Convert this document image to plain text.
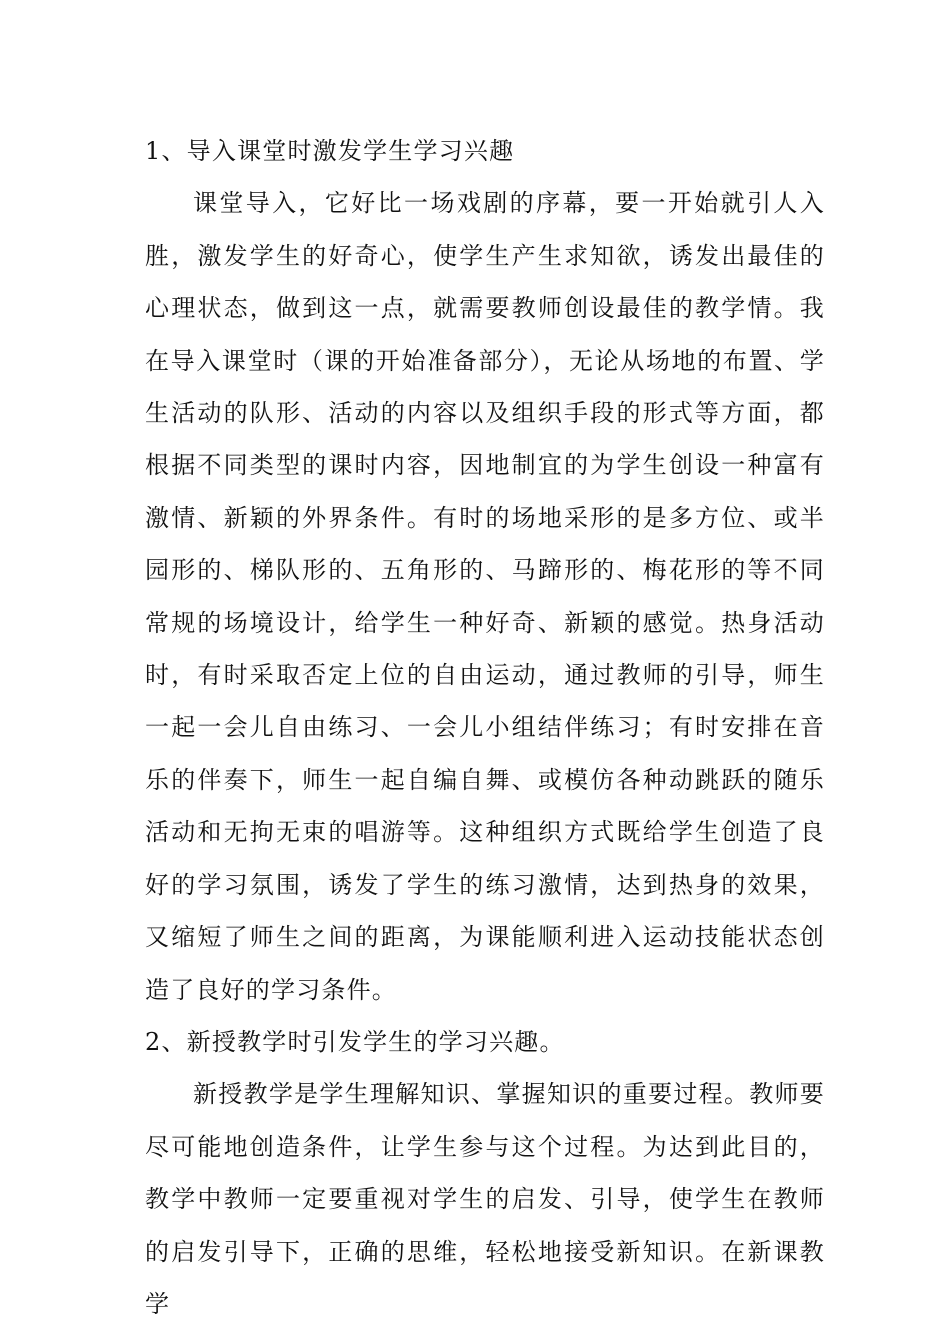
1、导入课堂时激发学生学习兴趣

课堂导入，它好比一场戏剧的序幕，要一开始就引人入胜，激发学生的好奇心，使学生产生求知欲，诱发出最佳的心理状态，做到这一点，就需要教师创设最佳的教学情。我在导入课堂时（课的开始准备部分），无论从场地的布置、学生活动的队形、活动的内容以及组织手段的形式等方面，都根据不同类型的课时内容，因地制宜的为学生创设一种富有激情、新颖的外界条件。有时的场地采形的是多方位、或半园形的、梯队形的、五角形的、马蹄形的、梅花形的等不同常规的场境设计，给学生一种好奇、新颖的感觉。热身活动时，有时采取否定上位的自由运动，通过教师的引导，师生一起一会儿自由练习、一会儿小组结伴练习；有时安排在音乐的伴奏下，师生一起自编自舞、或模仿各种动跳跃的随乐活动和无拘无束的唱游等。这种组织方式既给学生创造了良好的学习氛围，诱发了学生的练习激情，达到热身的效果，又缩短了师生之间的距离，为课能顺利进入运动技能状态创造了良好的学习条件。

2、新授教学时引发学生的学习兴趣。

新授教学是学生理解知识、掌握知识的重要过程。教师要尽可能地创造条件，让学生参与这个过程。为达到此目的，教学中教师一定要重视对学生的启发、引导，使学生在教师的启发引导下，正确的思维，轻松地接受新知识。在新课教学
